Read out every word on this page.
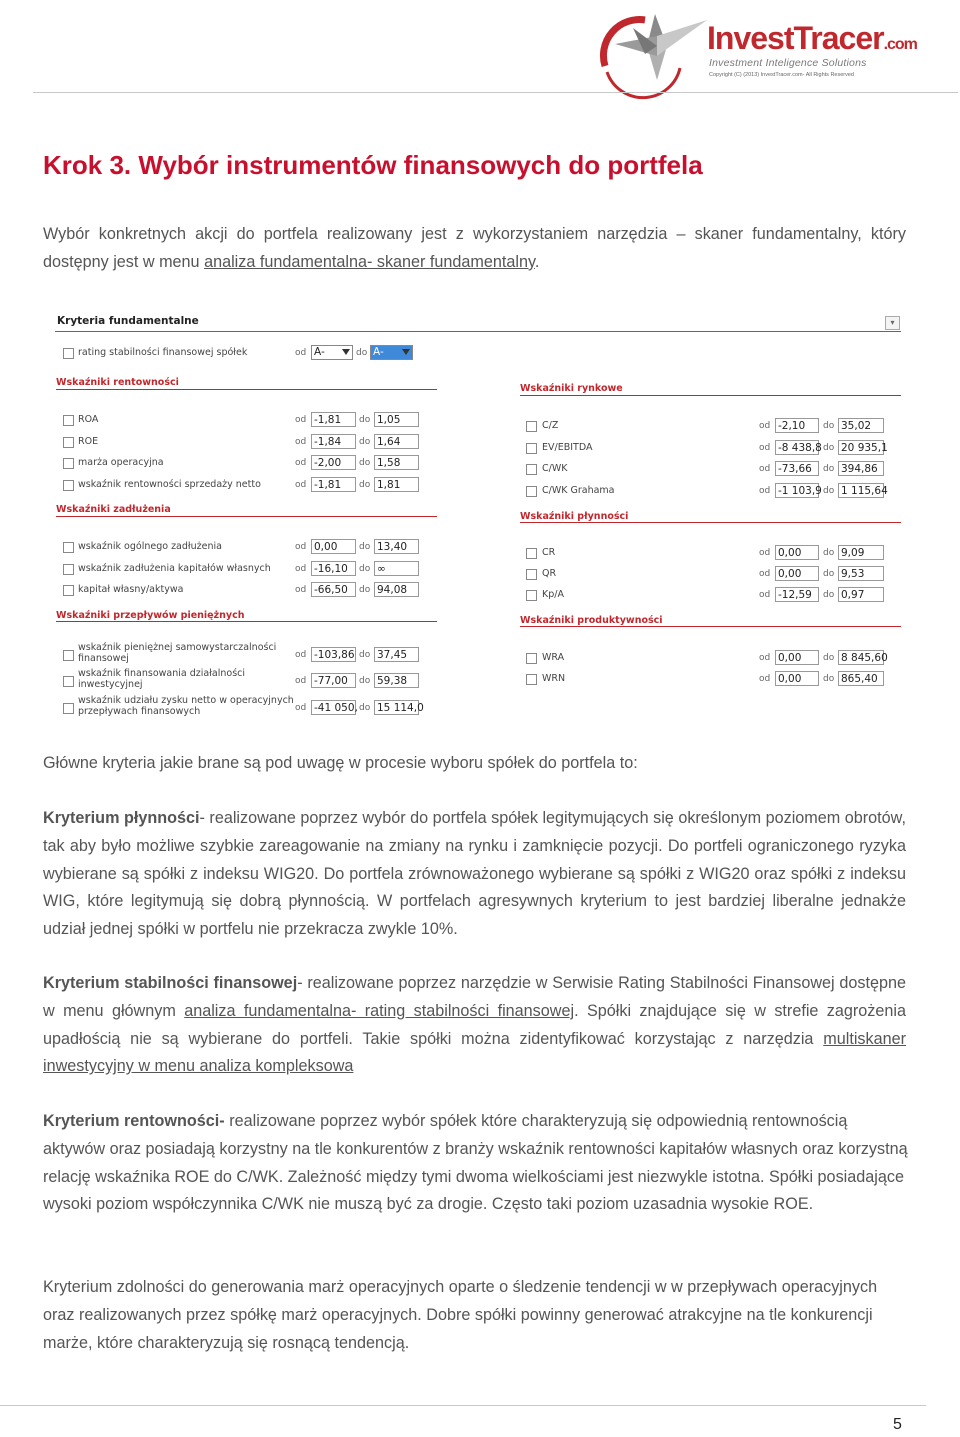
InvestTracer.com
Investment Inteligence Solutions
Copyright (C) (2013) InvestTracer.com- All Rights Reserved
Krok 3. Wybór instrumentów finansowych do portfela

Wybór konkretnych akcji do portfela realizowany jest z wykorzystaniem narzędzia – skaner fundamentalny, który dostępny jest w menu analiza fundamentalna- skaner fundamentalny.

Kryteria fundamentalne	▾
rating stabilności finansowej spółek	od A-	do A-
Wskaźniki rentowności
ROA	od -1,81	do 1,05
ROE	od -1,84	do 1,64
marża operacyjna	od -2,00	do 1,58
wskaźnik rentowności sprzedaży netto	od -1,81	do 1,81
Wskaźniki zadłużenia
wskaźnik ogólnego zadłużenia	od 0,00	do 13,40
wskaźnik zadłużenia kapitałów własnych	od -16,10	do ∞
kapitał własny/aktywa	od -66,50	do 94,08
Wskaźniki przepływów pieniężnych
wskaźnik pieniężnej samowystarczalności
finansowej	od -103,86 do 37,45
wskaźnik finansowania działalności
inwestycyjnej	od -77,00	do 59,38
wskaźnik udziału zysku netto w operacyjnych
przepływach finansowych	od -41 050, do 15 114,0
Wskaźniki rynkowe
C/Z	od -2,10	do 35,02
EV/EBITDA	od -8 438,8 do 20 935,1
C/WK	od -73,66	do 394,86
C/WK Grahama	od -1 103,9 do 1 115,64
Wskaźniki płynności
CR	od 0,00	do 9,09
QR	od 0,00	do 9,53
Kp/A	od -12,59	do 0,97
Wskaźniki produktywności
WRA	od 0,00	do 8 845,60
WRN	od 0,00	do 865,40

Główne kryteria jakie brane są pod uwagę w procesie wyboru spółek do portfela to:

Kryterium płynności- realizowane poprzez wybór do portfela spółek legitymujących się określonym poziomem obrotów, tak aby było możliwe szybkie zareagowanie na zmiany na rynku i zamknięcie pozycji. Do portfeli ograniczonego ryzyka wybierane są spółki z indeksu WIG20. Do portfela zrównoważonego wybierane są spółki z WIG20 oraz spółki z indeksu WIG, które legitymują się dobrą płynnością. W portfelach agresywnych kryterium to jest bardziej liberalne jednakże udział jednej spółki w portfelu nie przekracza zwykle 10%.

Kryterium stabilności finansowej- realizowane poprzez narzędzie w Serwisie Rating Stabilności Finansowej dostępne w menu głównym analiza fundamentalna- rating stabilności finansowej. Spółki znajdujące się w strefie zagrożenia upadłością nie są wybierane do portfeli. Takie spółki można zidentyfikować korzystając z narzędzia multiskaner inwestycyjny w menu analiza kompleksowa

Kryterium rentowności- realizowane poprzez wybór spółek które charakteryzują się odpowiednią rentownością aktywów oraz posiadają korzystny na tle konkurentów z branży wskaźnik rentowności kapitałów własnych oraz korzystną relację wskaźnika ROE do C/WK. Zależność między tymi dwoma wielkościami jest niezwykle istotna. Spółki posiadające wysoki poziom współczynnika C/WK nie muszą być za drogie. Często taki poziom uzasadnia wysokie ROE.

Kryterium zdolności do generowania marż operacyjnych oparte o śledzenie tendencji w w przepływach operacyjnych oraz realizowanych przez spółkę marż operacyjnych. Dobre spółki powinny generować atrakcyjne na tle konkurencji marże, które charakteryzują się rosnącą tendencją.

5
